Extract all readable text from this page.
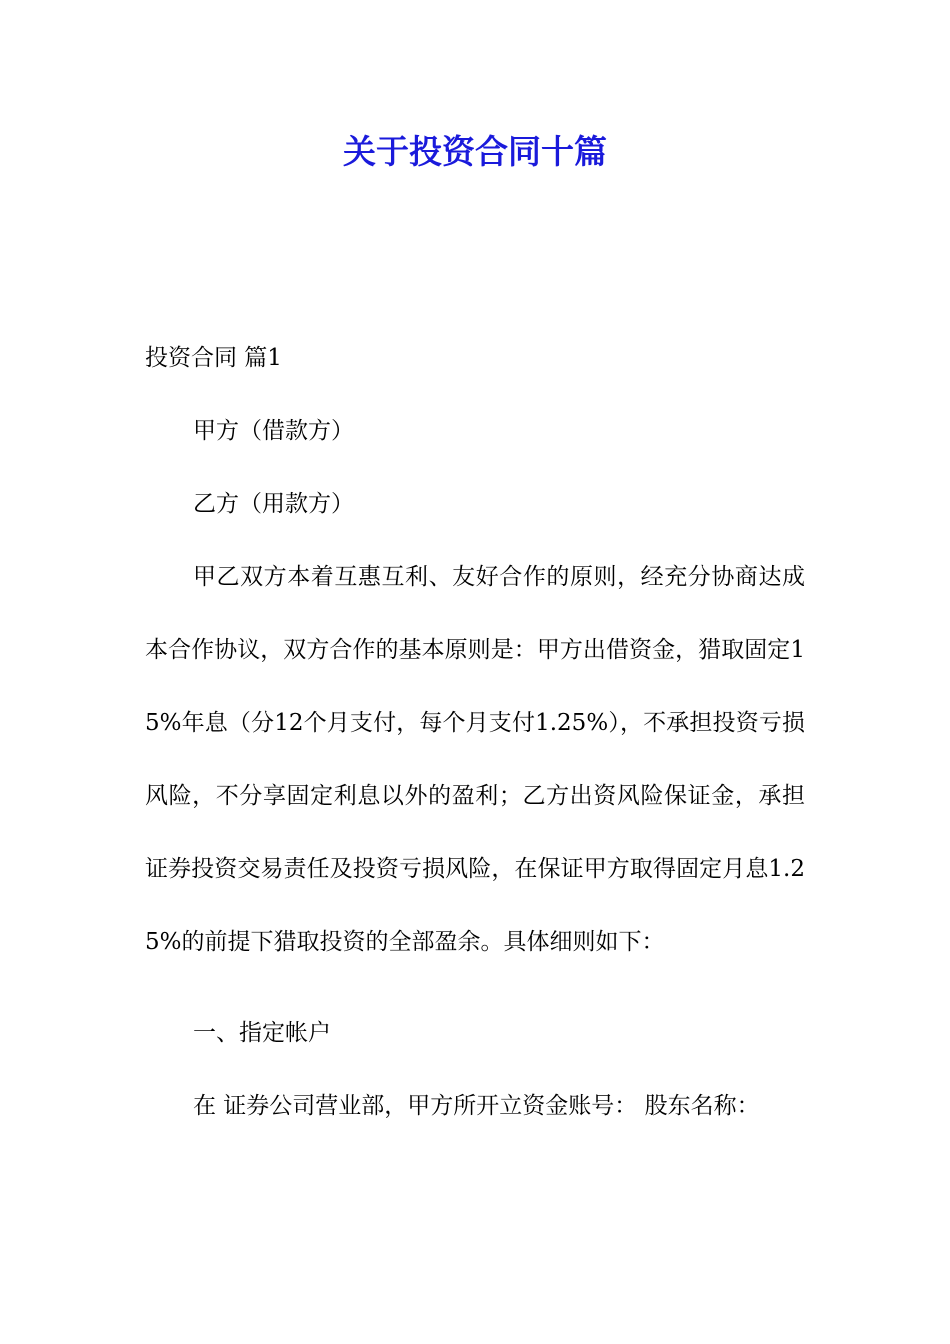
关于投资合同十篇

投资合同 篇1

甲方（借款方）

乙方（用款方）

甲乙双方本着互惠互利、友好合作的原则，经充分协商达成本合作协议，双方合作的基本原则是：甲方出借资金，猎取固定15%年息（分12个月支付，每个月支付1.25%），不承担投资亏损风险，不分享固定利息以外的盈利；乙方出资风险保证金，承担证券投资交易责任及投资亏损风险，在保证甲方取得固定月息1.25%的前提下猎取投资的全部盈余。具体细则如下：

一、指定帐户

在 证券公司营业部，甲方所开立资金账号： 股东名称：
